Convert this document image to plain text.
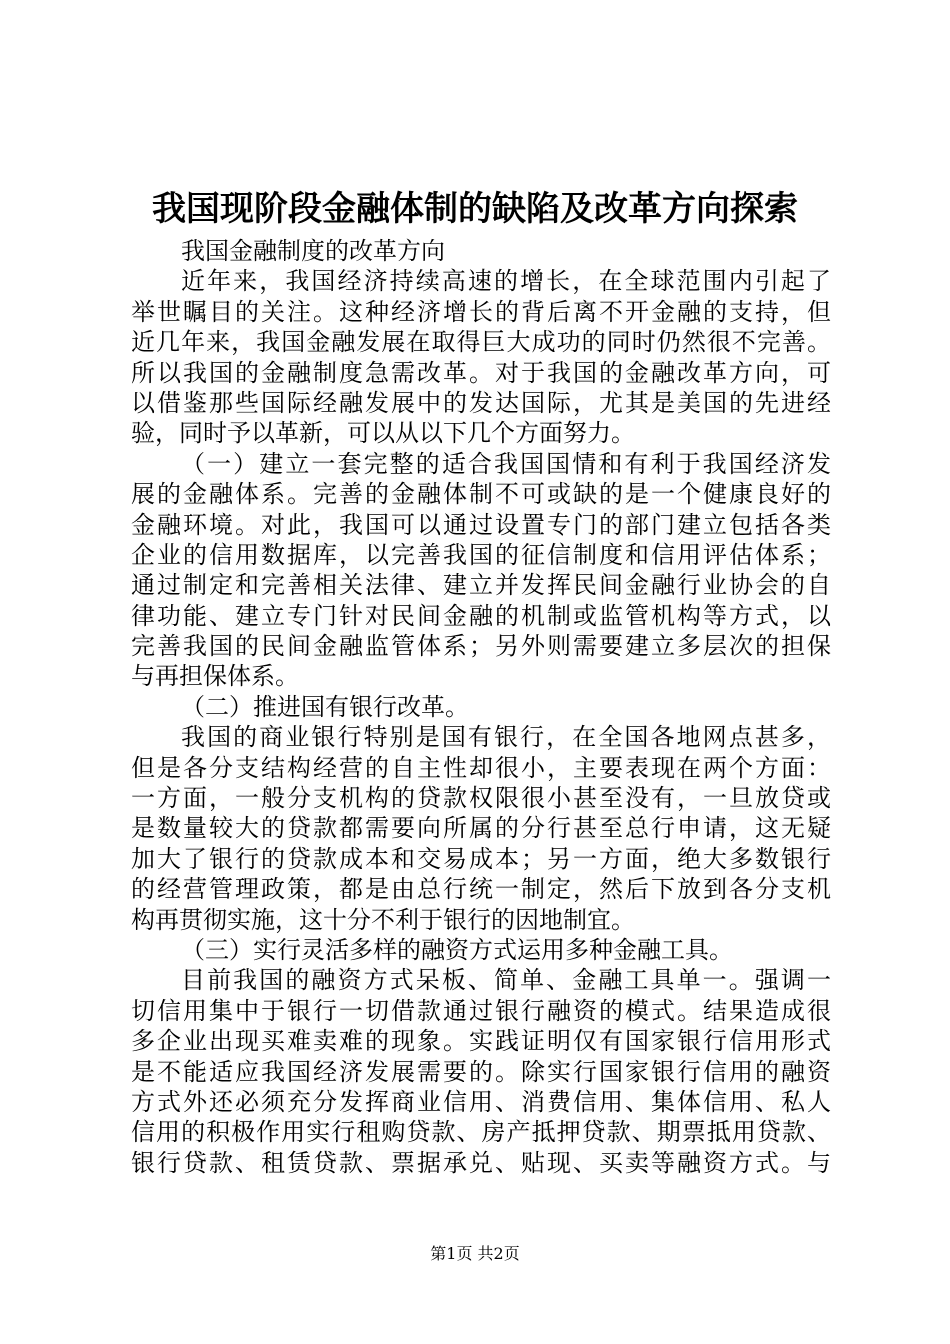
我国现阶段金融体制的缺陷及改革方向探索
我国金融制度的改革方向
近年来，我国经济持续高速的增长，在全球范围内引起了
举世瞩目的关注。这种经济增长的背后离不开金融的支持，但
近几年来，我国金融发展在取得巨大成功的同时仍然很不完善。
所以我国的金融制度急需改革。对于我国的金融改革方向，可
以借鉴那些国际经融发展中的发达国际，尤其是美国的先进经
验，同时予以革新，可以从以下几个方面努力。
（一）建立一套完整的适合我国国情和有利于我国经济发
展的金融体系。完善的金融体制不可或缺的是一个健康良好的
金融环境。对此，我国可以通过设置专门的部门建立包括各类
企业的信用数据库，以完善我国的征信制度和信用评估体系；
通过制定和完善相关法律、建立并发挥民间金融行业协会的自
律功能、建立专门针对民间金融的机制或监管机构等方式，以
完善我国的民间金融监管体系；另外则需要建立多层次的担保
与再担保体系。
（二）推进国有银行改革。
我国的商业银行特别是国有银行，在全国各地网点甚多，
但是各分支结构经营的自主性却很小，主要表现在两个方面：
一方面，一般分支机构的贷款权限很小甚至没有，一旦放贷或
是数量较大的贷款都需要向所属的分行甚至总行申请，这无疑
加大了银行的贷款成本和交易成本；另一方面，绝大多数银行
的经营管理政策，都是由总行统一制定，然后下放到各分支机
构再贯彻实施，这十分不利于银行的因地制宜。
（三）实行灵活多样的融资方式运用多种金融工具。
目前我国的融资方式呆板、简单、金融工具单一。强调一
切信用集中于银行一切借款通过银行融资的模式。结果造成很
多企业出现买难卖难的现象。实践证明仅有国家银行信用形式
是不能适应我国经济发展需要的。除实行国家银行信用的融资
方式外还必须充分发挥商业信用、消费信用、集体信用、私人
信用的积极作用实行租购贷款、房产抵押贷款、期票抵用贷款、
银行贷款、租赁贷款、票据承兑、贴现、买卖等融资方式。与
第1页 共2页
